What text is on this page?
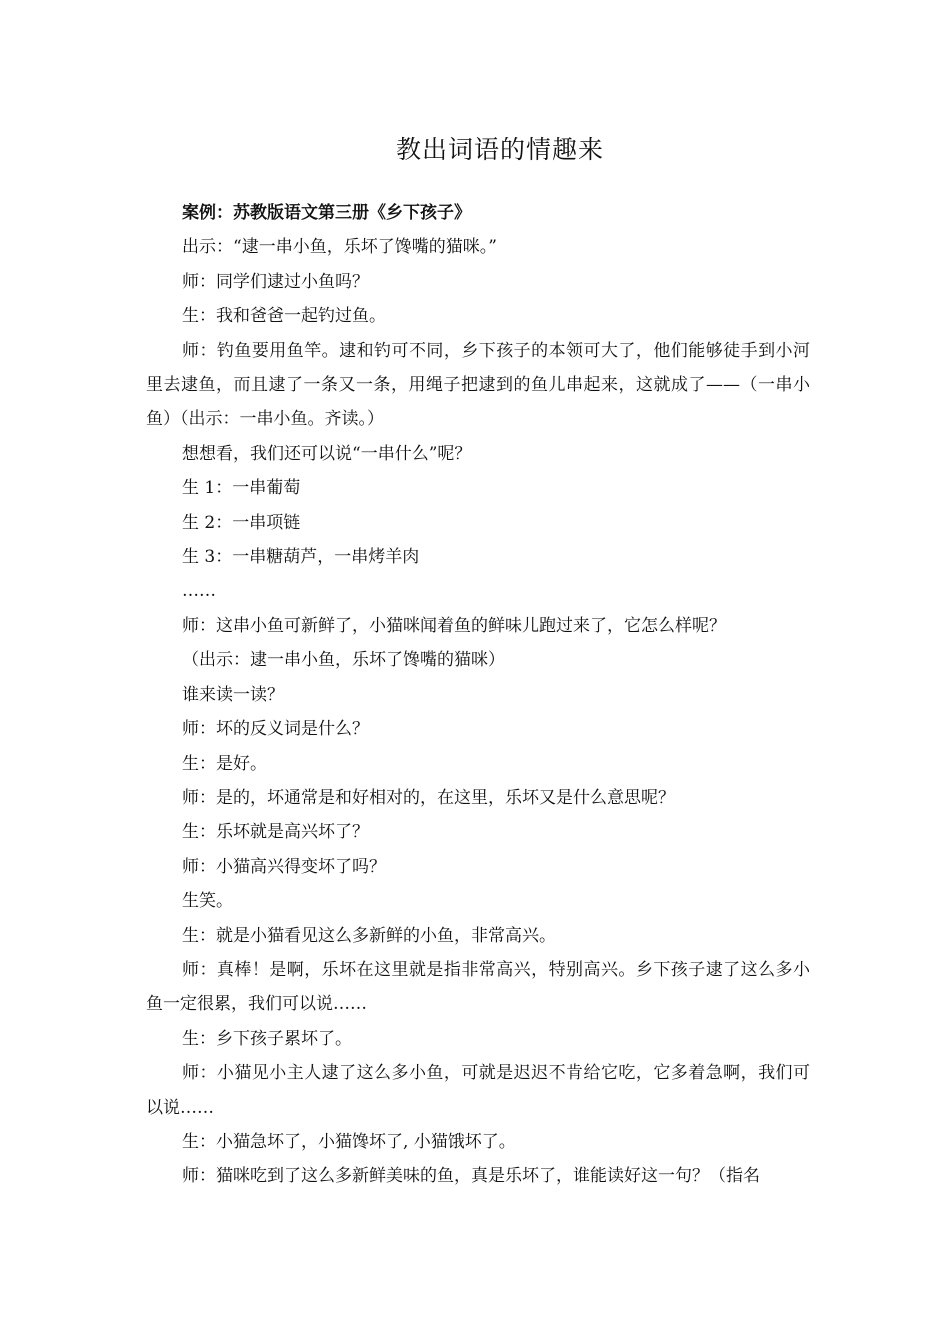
教出词语的情趣来

案例：苏教版语文第三册《乡下孩子》

出示：“逮一串小鱼，乐坏了馋嘴的猫咪。”

师：同学们逮过小鱼吗？

生：我和爸爸一起钓过鱼。

师：钓鱼要用鱼竿。逮和钓可不同，乡下孩子的本领可大了，他们能够徒手到小河里去逮鱼，而且逮了一条又一条，用绳子把逮到的鱼儿串起来，这就成了——（一串小鱼）（出示：一串小鱼。齐读。）

想想看，我们还可以说“一串什么”呢？

生 1：一串葡萄

生 2：一串项链

生 3：一串糖葫芦，一串烤羊肉

……

师：这串小鱼可新鲜了，小猫咪闻着鱼的鲜味儿跑过来了，它怎么样呢？

（出示：逮一串小鱼，乐坏了馋嘴的猫咪）

谁来读一读？

师：坏的反义词是什么？

生：是好。

师：是的，坏通常是和好相对的，在这里，乐坏又是什么意思呢？

生：乐坏就是高兴坏了？

师：小猫高兴得变坏了吗？

生笑。

生：就是小猫看见这么多新鲜的小鱼，非常高兴。

师：真棒！是啊，乐坏在这里就是指非常高兴，特别高兴。乡下孩子逮了这么多小鱼一定很累，我们可以说……

生：乡下孩子累坏了。

师：小猫见小主人逮了这么多小鱼，可就是迟迟不肯给它吃，它多着急啊，我们可以说……

生：小猫急坏了，小猫馋坏了, 小猫饿坏了。

师：猫咪吃到了这么多新鲜美味的鱼，真是乐坏了，谁能读好这一句？（指名
